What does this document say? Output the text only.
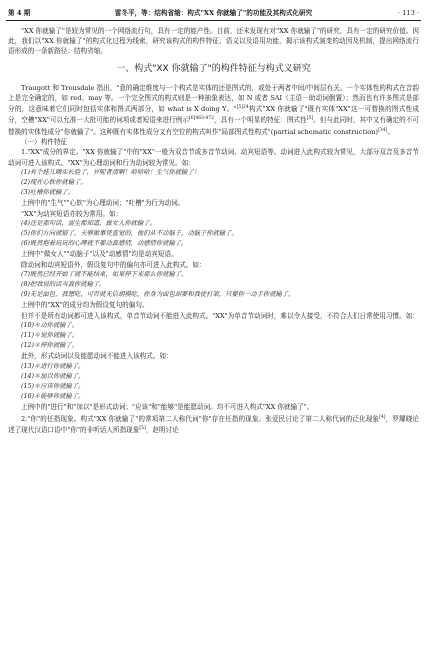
第 4 期	雷冬平，等：结构省缩：构式"XX 你就输了"的功能及其构式化研究	· 113 ·

"XX 你就输了"是较为常见的一个网络流行句，具有一定的能产性。目前，还未发现有对"XX 你就输了"的研究，具有一定的研究价值。因此，我们以"XX 你就输了"的构式化过程为线索，研究该构式的构件特征、语义以及语用功能，揭示该构式演变的动因及机制，提出网络流行语形成的一条新路径：结构省缩。

一、构式"XX 你就输了"的构件特征与构式义研究

Traugott 和 Trousdale 指出，"意的确定维度与一个构式是实体的还是图式的，或处于两者中间/中间层有关。一个实体性的构式在音韵上是完全确定的，如 red、may 等。一个完全图式的构式则是一种抽象表达，如 N 或者 SAI（主语－助动词倒置）；然而也有许多图式是部分的，这意味着它们同时包括实体和图式两部分，如 what is X doing Y。"$^{[5]24}$构式"XX 你就输了"既有实体"XX"这一可替换的图式性成分，空槽"XX"可以允准一大批可能的词项或者短语来进行例示$^{[6]463-472}$，具有一个明显的特征：图式性[5]。但与此同时，其中又有确定的不可替换的实体性成分"你就输了"。这种既有实体性成分又有空位的构式叫作"局部图式性构式"(partial schematic construction)[34]。

（一）构件特征

1."XX"成分的界定。"XX 你就输了"中的"XX"一般为双音节或多音节动词、动宾短语等。动词进入此构式较为常见，大部分双音及多音节动词可进入该构式。"XX"为心理动词和行为动词较为常见。如：

(1)有个娃儿嗨实长脸了，岁呢者清啊！哈哈哈！生气你就输了！

(2)现在心软你就输了。

(3)吐槽你就输了。

上例中的"生气""心软"为心理动词；"吐槽"为行为动词。

"XX"为动宾短语亦较为常用。如：

(4)还是那句话，富生都知道，做女人你就输了。

(5)你们方向就错了，天够做事凭直觉的，他们从不动脑子，动脑子你就输了。

(6)既然抱着玩玩的心理就不要动真感情，动感情你就输了。

上例中"做女人""动脑子"以及"动感情"均是动宾短语。

除动词和动宾短语外，假设复句中的偏句亦可进入此构式。如：

(7)既然已经开始了就不能结束，如果停下来那么你就输了。

(8)把我说的话当真你就输了。

(9)无是面包，我想吃，可首就无信胡摸吃，你身为面包却要和我使打架，只要你一动手你就输了。

上例中的"XX"的成分均为假设复句的偏句。

但并不是所有动词都可进入该构式，单音节动词不能进入此构式。"XX"为单音节动词时，难以令人接受，不符合人们日常使用习惯。如：

(10)＊动你就输了。

(11)＊说你就输了。

(12)＊停你就输了。

此外，形式动词以及能愿动词不能进入该构式。如：

(13)＊进行你就输了。

(14)＊加以你就输了。

(15)＊应该你就输了。

(16)＊能够你就输了。

上例中的"进行"和"加以"是形式动词；"应该"和"能够"是能愿动词。均不可进入构式"XX 你就输了"。

2."你"的任指现象。构式"XX 你就输了"的常项第二人称代词"你"存在任指的现象。张爱民讨论了第二人称代词的泛化现象[4]，罗耀晓论述了现代汉语口语中"你"的非听话人所指现象[5]，赵明讨论
